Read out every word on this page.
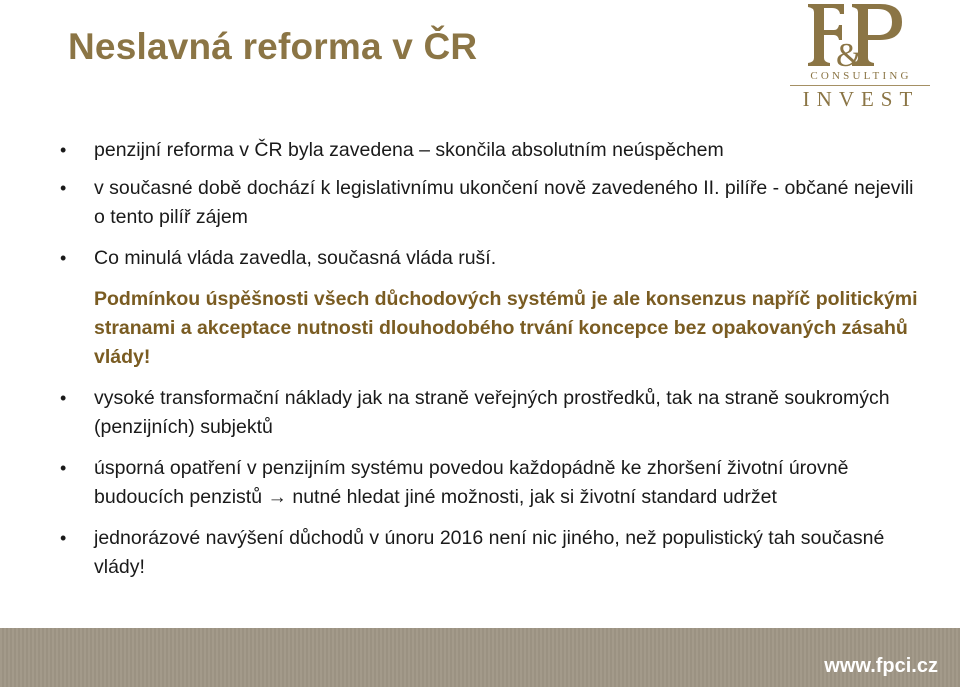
Neslavná reforma v ČR	&
CONSULTING
INVEST
• penzijní reforma v ČR byla zavedena – skončila absolutním neúspěchem
• v současné době dochází k legislativnímu ukončení nově zavedeného II. pilíře - občané nejevili o tento pilíř zájem
• Co minulá vláda zavedla, současná vláda ruší.
Podmínkou úspěšnosti všech důchodových systémů je ale konsenzus napříč politickými stranami a akceptace nutnosti dlouhodobého trvání koncepce bez opakovaných zásahů vlády!
• vysoké transformační náklady jak na straně veřejných prostředků, tak na straně soukromých (penzijních) subjektů
• úsporná opatření v penzijním systému povedou každopádně ke zhoršení životní úrovně budoucích penzistů → nutné hledat jiné možnosti, jak si životní standard udržet
• jednorázové navýšení důchodů v únoru 2016 není nic jiného, než populistický tah současné vlády!
www.fpci.cz
